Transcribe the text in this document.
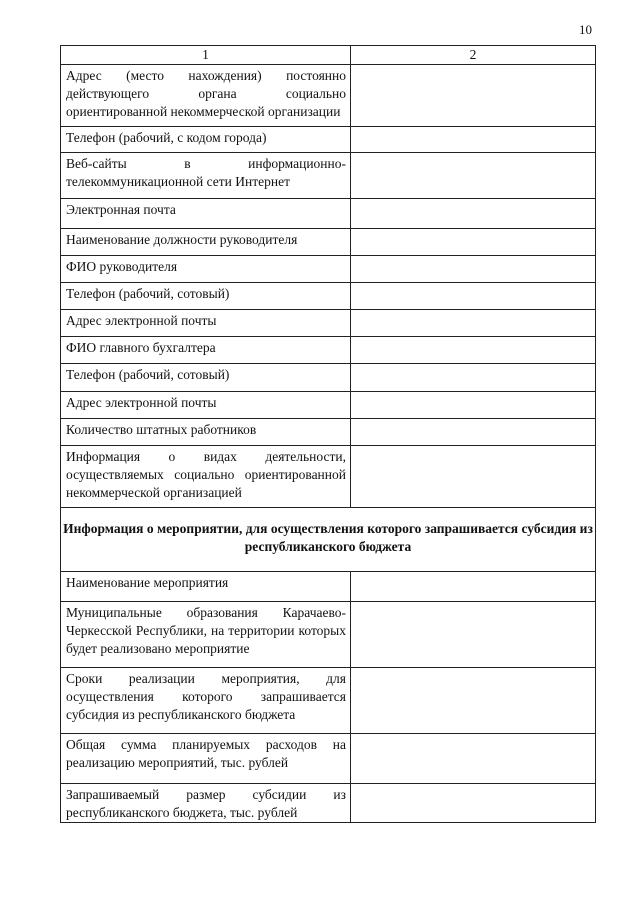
10
1	2
Адрес (место нахождения) постоянно действующего органа социально ориентированной некоммерческой организации	
Телефон (рабочий, с кодом города)	
Веб-сайты в информационно-телекоммуникационной сети Интернет	
Электронная почта	
Наименование должности руководителя	
ФИО руководителя	
Телефон (рабочий, сотовый)	
Адрес электронной почты	
ФИО главного бухгалтера	
Телефон (рабочий, сотовый)	
Адрес электронной почты	
Количество штатных работников	
Информация о видах деятельности, осуществляемых социально ориентированной некоммерческой организацией	
Информация о мероприятии, для осуществления которого запрашивается субсидия из республиканского бюджета	
Наименование мероприятия	
Муниципальные образования Карачаево-Черкесской Республики, на территории которых будет реализовано мероприятие	
Сроки реализации мероприятия, для осуществления которого запрашивается субсидия из республиканского бюджета	
Общая сумма планируемых расходов на реализацию мероприятий, тыс. рублей	
Запрашиваемый размер субсидии из республиканского бюджета, тыс. рублей	
